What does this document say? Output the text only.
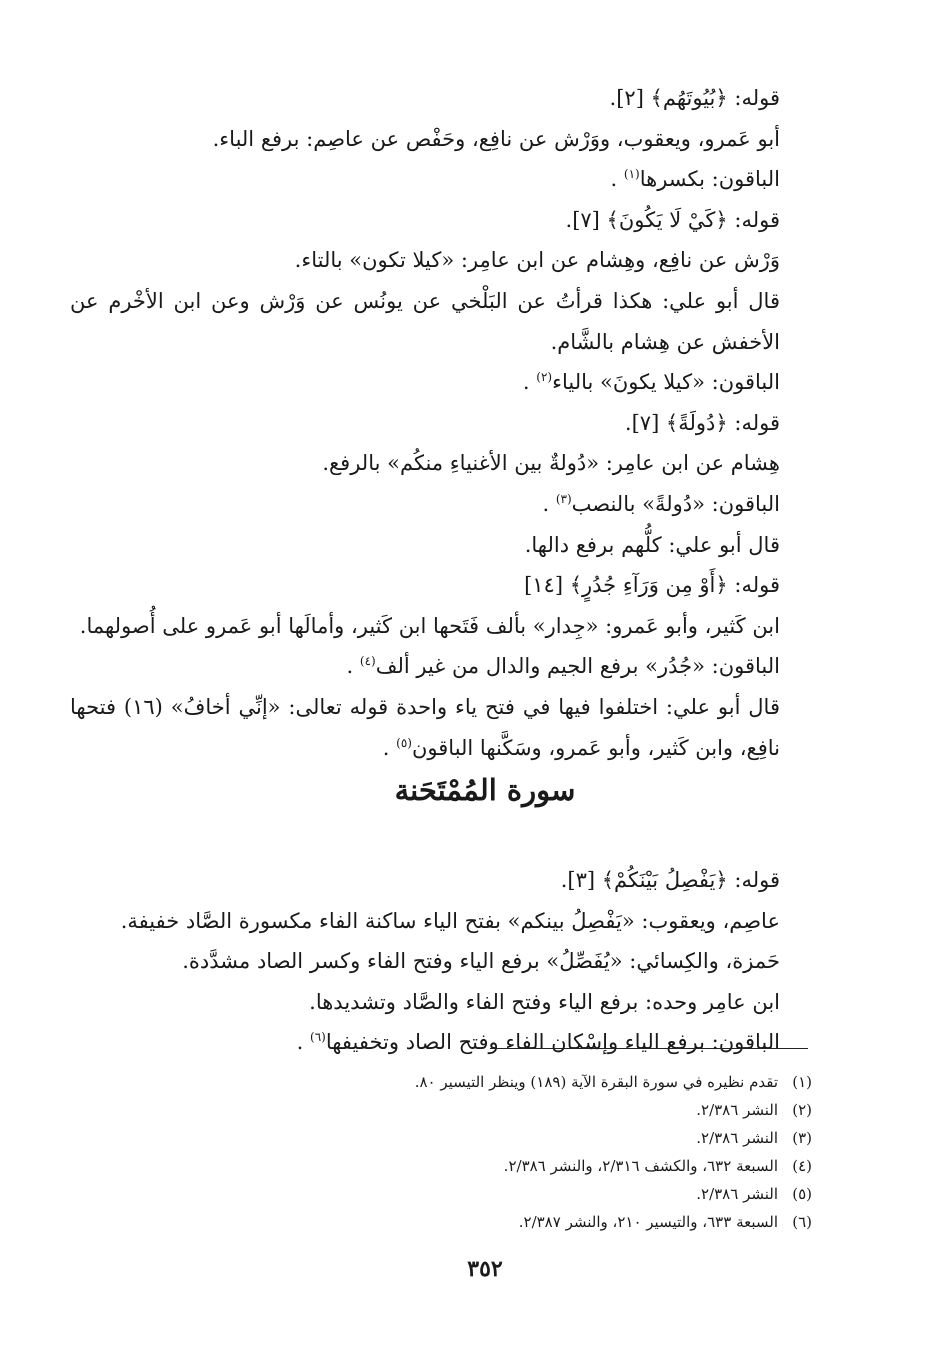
قوله: ﴿بُيُوتَهُم﴾ [٢].

أبو عَمرو، ويعقوب، ووَرْش عن نافِع، وحَفْص عن عاصِم: برفع الباء.

الباقون: بكسرها$^{(١)}$ .

قوله: ﴿كَيْ لَا يَكُونَ﴾ [٧].

وَرْش عن نافِع، وهِشام عن ابن عامِر: «كيلا تكون» بالتاء.

قال أبو علي: هكذا قرأتُ عن البَلْخي عن يونُس عن وَرْش وعن ابن الأخْرم عن الأخفش عن هِشام بالشَّام.

الباقون: «كيلا يكونَ» بالياء$^{(٢)}$ .

قوله: ﴿دُولَةً﴾ [٧].

هِشام عن ابن عامِر: «دُولةٌ بين الأغنياءِ منكُم» بالرفع.

الباقون: «دُولةً» بالنصب$^{(٣)}$ .

قال أبو علي: كلُّهم برفع دالها.

قوله: ﴿أَوْ مِن وَرَآءِ جُدُرٍ﴾ [١٤]

ابن كَثير، وأبو عَمرو: «جِدار» بألف فَتَحها ابن كَثير، وأمالَها أبو عَمرو على أُصولهما.

الباقون: «جُدُر» برفع الجيم والدال من غير ألف$^{(٤)}$ .

قال أبو علي: اختلفوا فيها في فتح ياء واحدة قوله تعالى: «إنِّي أخافُ» (١٦) فتحها نافِع، وابن كَثير، وأبو عَمرو، وسَكَّنها الباقون$^{(٥)}$ .

سورة المُمْتَحَنة

قوله: ﴿يَفْصِلُ بَيْنَكُمْ﴾ [٣].

عاصِم، ويعقوب: «يَفْصِلُ بينكم» بفتح الياء ساكنة الفاء مكسورة الصَّاد خفيفة.

حَمزة، والكِسائي: «يُفَصِّلُ» برفع الياء وفتح الفاء وكسر الصاد مشدَّدة.

ابن عامِر وحده: برفع الياء وفتح الفاء والصَّاد وتشديدها.

الباقون: برفع الياء وإسْكان الفاء وفتح الصاد وتخفيفها$^{(٦)}$ .

(١)تقدم نظيره في سورة البقرة الآية (١٨٩) وينظر التيسير ٨٠.

(٢)النشر ٢/٣٨٦.

(٣)النشر ٢/٣٨٦.

(٤)السبعة ٦٣٢، والكشف ٢/٣١٦، والنشر ٢/٣٨٦.

(٥)النشر ٢/٣٨٦.

(٦)السبعة ٦٣٣، والتيسير ٢١٠، والنشر ٢/٣٨٧.

٣٥٢
